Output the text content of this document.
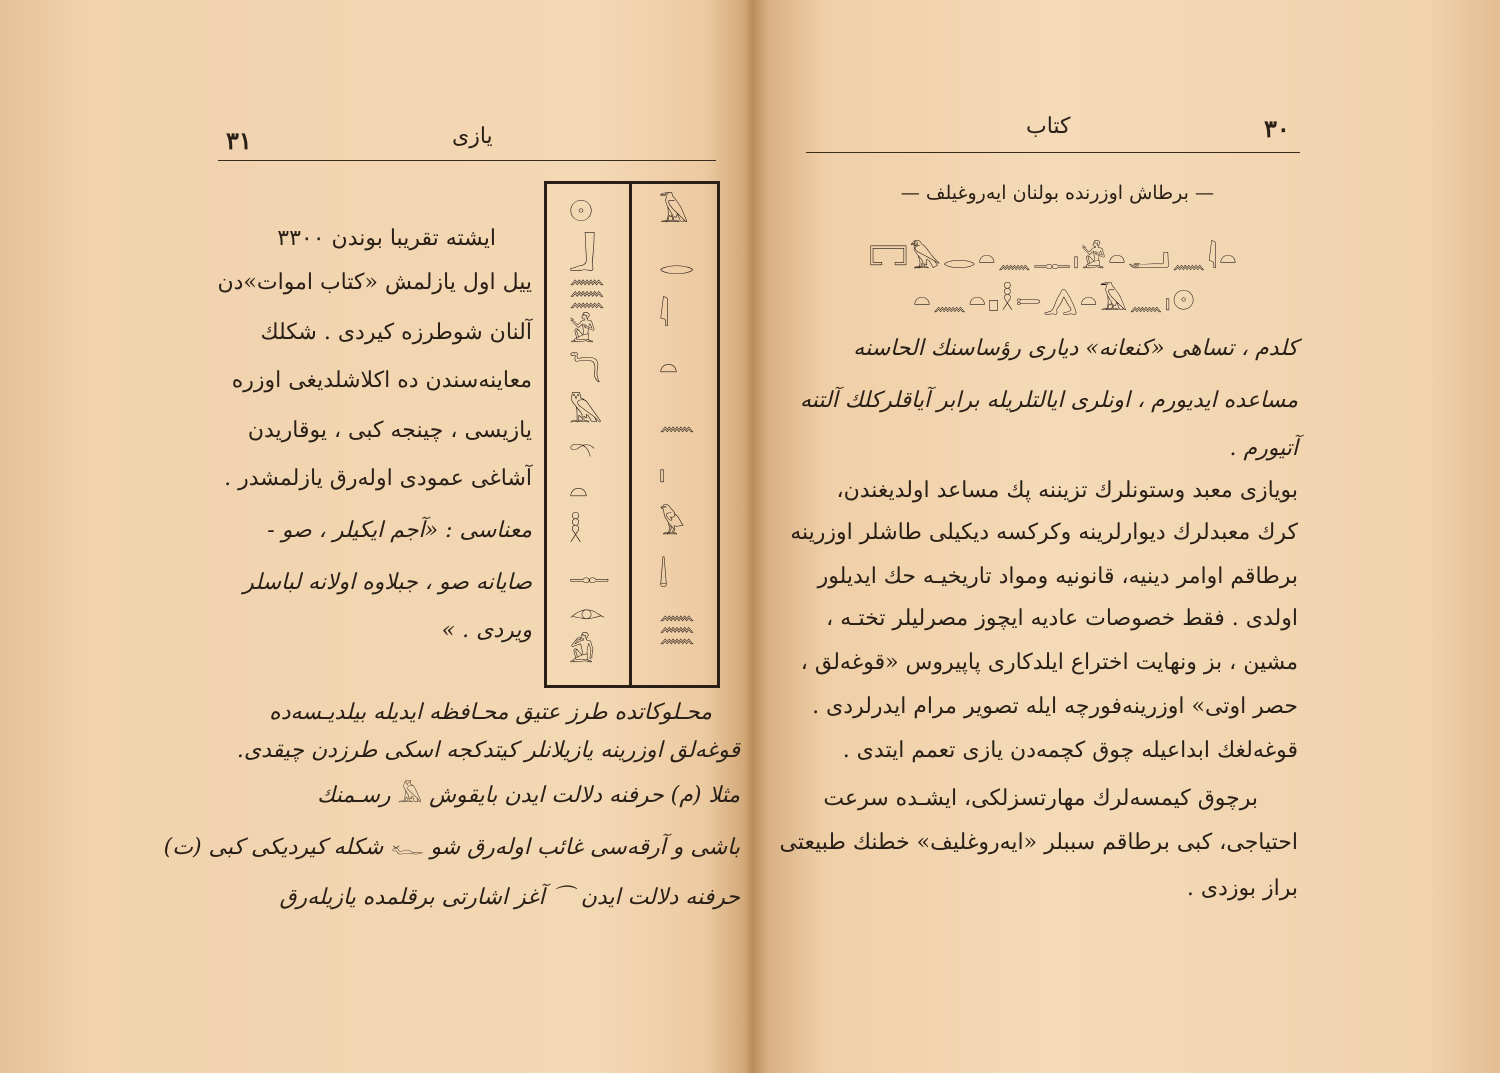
۳۱	یازی
ایشته تقریبا بوندن ۳۳۰۰
ییل اول یازلمش «کتاب اموات»دن
آلنان شوطرزه کیردی . شکلك
معاینه‌سندن ده اکلاشلدیغی اوزره
یازیسی ، چینجه کبی ، یوقاریدن
آشاغی عمودی اوله‌رق یازلمشدر .
معناسی : «آجم ایکیلر ، صو -
صایانه صو ، جبلاوه اولانه لباسلر
ویردی . »
𓄿
𓂋
𓇋
𓏏
𓈖
𓏤
𓅱
𓌃
𓈗
𓇳
𓃀
𓈗
𓀀
𓆓
𓅓
𓍼
𓏏
𓎛
𓊃
𓁹
𓀁
محـلوکاتده طرز عتیق محـافظه ایدیله بیلدیـسه‌ده
قوغه‌لق اوزرینه یازیلانلر کیتدکجه اسکی طرزدن چیقدی.
مثلا (م) حرفنه دلالت ایدن بایقوش 𓅓 رسـمنك
باشی و آرقه‌سی غائب اوله‌رق شو 𓆑 شکله کیردیکی کبی (ت)
حرفنه دلالت ایدن ⌒ آغز اشارتی برقلمده یازیله‌رق
۳۰
کتاب
— برطاش اوزرنده بولنان ایه‌روغیلف —
𓉐𓅃𓂋𓏏𓈖𓊃𓏤𓀀𓏏𓂝𓈖𓇋𓏏
𓏏𓈖𓏏𓊪𓎛𓍿𓂻𓏏𓄿𓈖𓏤𓇳
کلدم ، تساهی «کنعانه» دیاری رؤساسنك الحاسنه‌
مساعده ایدیورم ، اونلری ایالتلریله برابر آیاقلرکلك آلتنه
آتیورم .
بویازی معبد وستونلرك تزیننه پك مساعد اولدیغندن،
کرك معبدلرك دیوارلرینه وکرکسه دیکیلی طاشلر اوزرینه
برطاقم اوامر دینیه، قانونیه ومواد تاریخیـه حك ایدیلور
اولدی . فقط خصوصات عادیه ایچوز مصرلیلر تختـه ،
مشین ، بز ونهایت اختراع ایلدکاری پاپیروس «قوغه‌لق ،
حصر اوتی» اوزرینه‌فورچه ایله تصویر مرام ایدرلردی .
قوغه‌لغك ابداعیله چوق کچمه‌دن یازی تعمم ایتدی .
برچوق کیمسه‌لرك مهارتسزلکی، ایشـده سرعت
احتیاجی، کبی برطاقم سببلر «ایه‌روغلیف» خطنك طبیعتی
براز بوزدی .
